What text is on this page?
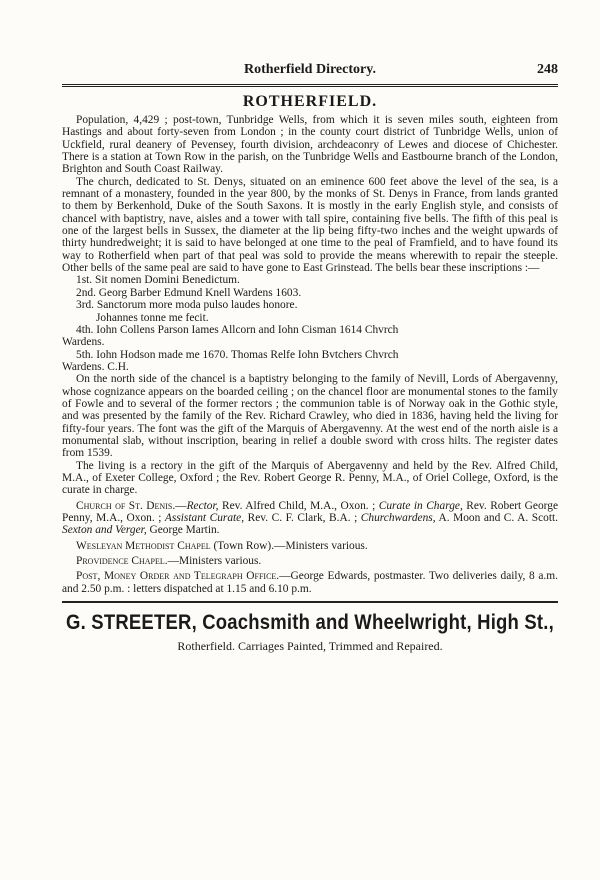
Rotherfield Directory.	248
ROTHERFIELD.

Population, 4,429 ; post-town, Tunbridge Wells, from which it is seven miles south, eighteen from Hastings and about forty-seven from London ; in the county court district of Tunbridge Wells, union of Uckfield, rural deanery of Pevensey, fourth division, archdeaconry of Lewes and diocese of Chichester. There is a station at Town Row in the parish, on the Tunbridge Wells and Eastbourne branch of the London, Brighton and South Coast Railway.

The church, dedicated to St. Denys, situated on an eminence 600 feet above the level of the sea, is a remnant of a monastery, founded in the year 800, by the monks of St. Denys in France, from lands granted to them by Berkenhold, Duke of the South Saxons. It is mostly in the early English style, and consists of chancel with baptistry, nave, aisles and a tower with tall spire, containing five bells. The fifth of this peal is one of the largest bells in Sussex, the diameter at the lip being fifty-two inches and the weight upwards of thirty hundredweight; it is said to have belonged at one time to the peal of Framfield, and to have found its way to Rotherfield when part of that peal was sold to provide the means wherewith to repair the steeple. Other bells of the same peal are said to have gone to East Grinstead. The bells bear these inscriptions :—

1st. Sit nomen Domini Benedictum.
2nd. Georg Barber Edmund Knell Wardens 1603.
3rd. Sanctorum more moda pulso laudes honore.
Johannes tonne me fecit.
4th. Iohn Collens Parson Iames Allcorn and Iohn Cisman 1614 Chvrch
Wardens.
5th. Iohn Hodson made me 1670. Thomas Relfe Iohn Bvtchers Chvrch
Wardens. C.H.

On the north side of the chancel is a baptistry belonging to the family of Nevill, Lords of Abergavenny, whose cognizance appears on the boarded ceiling ; on the chancel floor are monumental stones to the family of Fowle and to several of the former rectors ; the communion table is of Norway oak in the Gothic style, and was presented by the family of the Rev. Richard Crawley, who died in 1836, having held the living for fifty-four years. The font was the gift of the Marquis of Abergavenny. At the west end of the north aisle is a monumental slab, without inscription, bearing in relief a double sword with cross hilts. The register dates from 1539.

The living is a rectory in the gift of the Marquis of Abergavenny and held by the Rev. Alfred Child, M.A., of Exeter College, Oxford ; the Rev. Robert George R. Penny, M.A., of Oriel College, Oxford, is the curate in charge.

Church of St. Denis.—Rector, Rev. Alfred Child, M.A., Oxon. ; Curate in Charge, Rev. Robert George Penny, M.A., Oxon. ; Assistant Curate, Rev. C. F. Clark, B.A. ; Churchwardens, A. Moon and C. A. Scott. Sexton and Verger, George Martin.

Wesleyan Methodist Chapel (Town Row).—Ministers various.

Providence Chapel.—Ministers various.

Post, Money Order and Telegraph Office.—George Edwards, postmaster. Two deliveries daily, 8 a.m. and 2.50 p.m. : letters dispatched at 1.15 and 6.10 p.m.

G. STREETER, Coachsmith and Wheelwright, High St.,
Rotherfield. Carriages Painted, Trimmed and Repaired.
